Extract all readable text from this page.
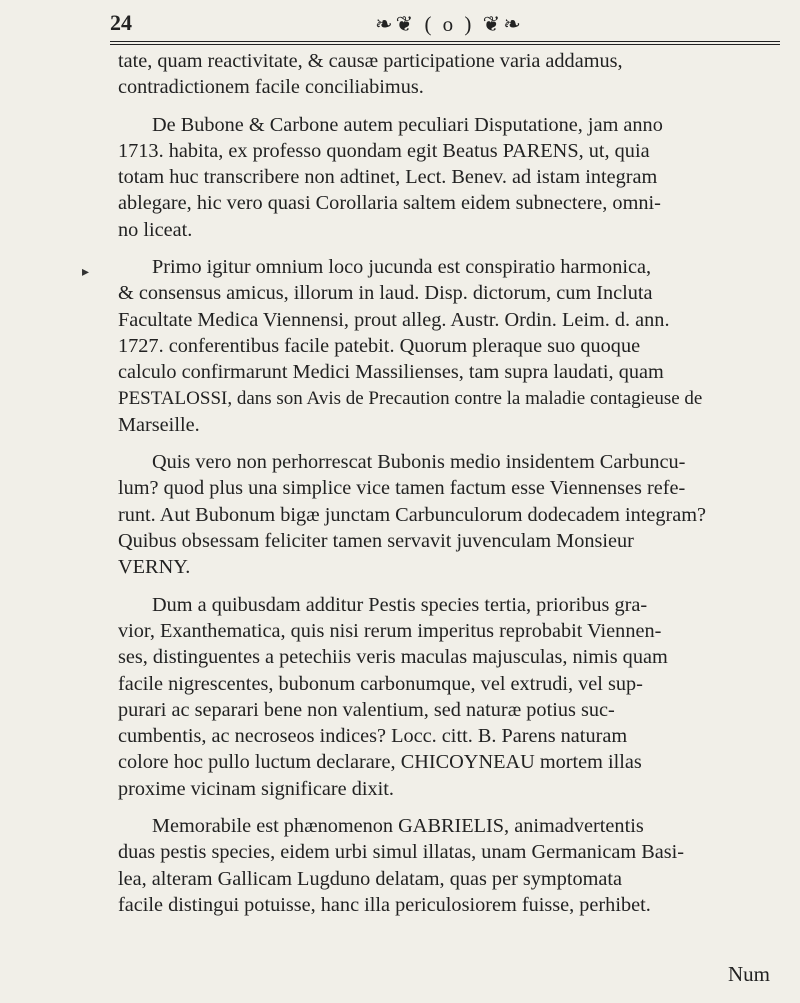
24	❧❦ ( o ) ❦❧
▸
tate, quam reactivitate, & causæ participatione varia addamus,
contradictionem facile conciliabimus.
De Bubone & Carbone autem peculiari Disputatione, jam anno
1713. habita, ex professo quondam egit Beatus PARENS, ut, quia
totam huc transcribere non adtinet, Lect. Benev. ad istam integram
ablegare, hic vero quasi Corollaria saltem eidem subnectere, omni-
no liceat.
Primo igitur omnium loco jucunda est conspiratio harmonica,
& consensus amicus, illorum in laud. Disp. dictorum, cum Incluta
Facultate Medica Viennensi, prout alleg. Austr. Ordin. Leim. d. ann.
1727. conferentibus facile patebit. Quorum pleraque suo quoque
calculo confirmarunt Medici Massilienses, tam supra laudati, quam
PESTALOSSI, dans son Avis de Precaution contre la maladie contagieuse de
Marseille.
Quis vero non perhorrescat Bubonis medio insidentem Carbuncu-
lum? quod plus una simplice vice tamen factum esse Viennenses refe-
runt. Aut Bubonum bigæ junctam Carbunculorum dodecadem integram?
Quibus obsessam feliciter tamen servavit juvenculam Monsieur
VERNY.
Dum a quibusdam additur Pestis species tertia, prioribus gra-
vior, Exanthematica, quis nisi rerum imperitus reprobabit Viennen-
ses, distinguentes a petechiis veris maculas majusculas, nimis quam
facile nigrescentes, bubonum carbonumque, vel extrudi, vel sup-
purari ac separari bene non valentium, sed naturæ potius suc-
cumbentis, ac necroseos indices? Locc. citt. B. Parens naturam
colore hoc pullo luctum declarare, CHICOYNEAU mortem illas
proxime vicinam significare dixit.
Memorabile est phænomenon GABRIELIS, animadvertentis
duas pestis species, eidem urbi simul illatas, unam Germanicam Basi-
lea, alteram Gallicam Lugduno delatam, quas per symptomata
facile distingui potuisse, hanc illa periculosiorem fuisse, perhibet.
Num
